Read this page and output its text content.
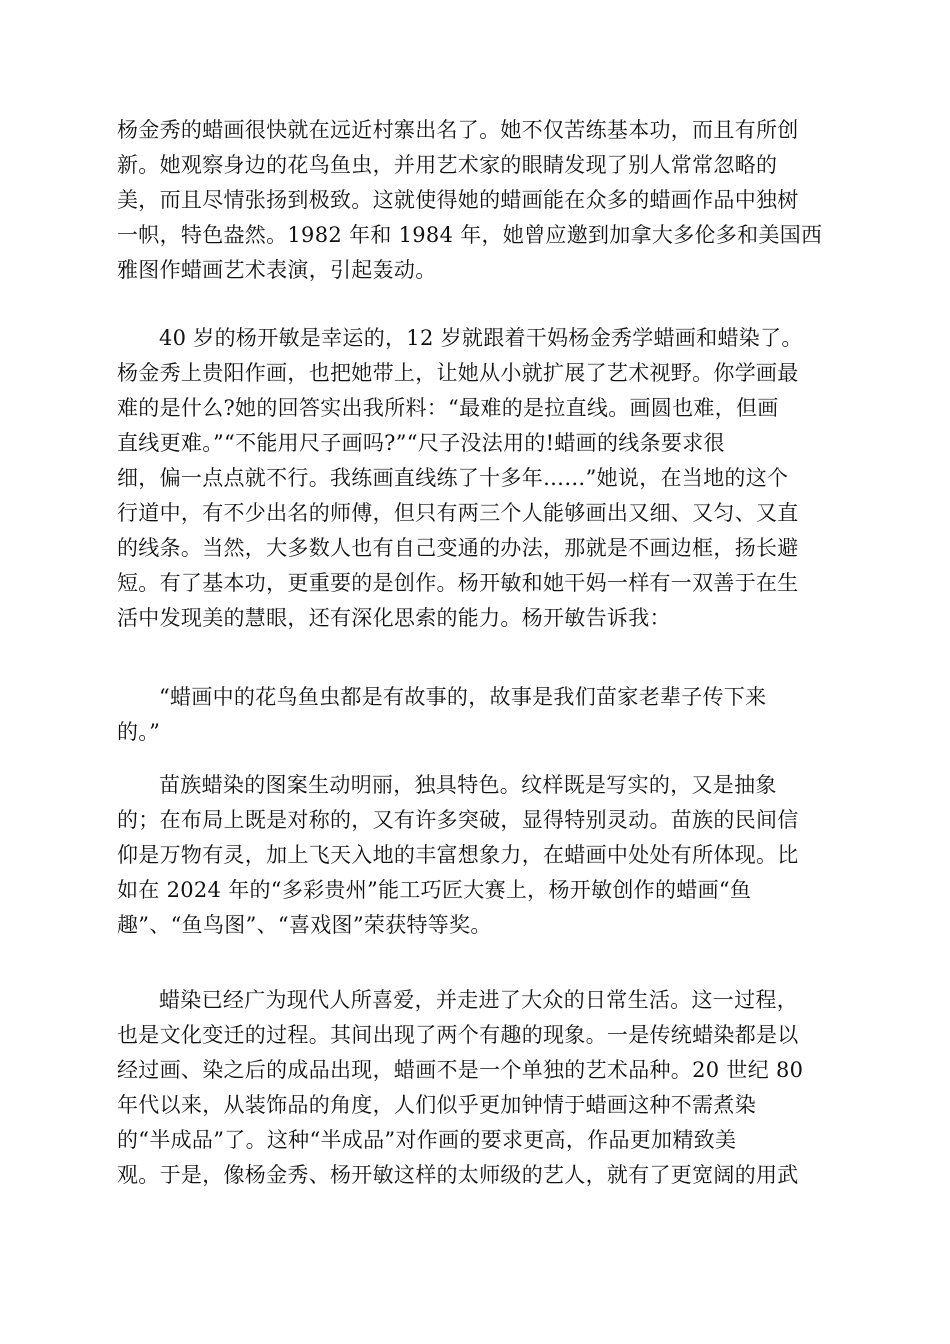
杨金秀的蜡画很快就在远近村寨出名了。她不仅苦练基本功，而且有所创
新。她观察身边的花鸟鱼虫，并用艺术家的眼睛发现了别人常常忽略的
美，而且尽情张扬到极致。这就使得她的蜡画能在众多的蜡画作品中独树
一帜，特色盎然。1982 年和 1984 年，她曾应邀到加拿大多伦多和美国西
雅图作蜡画艺术表演，引起轰动。
40 岁的杨开敏是幸运的，12 岁就跟着干妈杨金秀学蜡画和蜡染了。
杨金秀上贵阳作画，也把她带上，让她从小就扩展了艺术视野。你学画最
难的是什么?她的回答实出我所料：“最难的是拉直线。画圆也难，但画
直线更难。”“不能用尺子画吗?”“尺子没法用的!蜡画的线条要求很
细，偏一点点就不行。我练画直线练了十多年……”她说，在当地的这个
行道中，有不少出名的师傅，但只有两三个人能够画出又细、又匀、又直
的线条。当然，大多数人也有自己变通的办法，那就是不画边框，扬长避
短。有了基本功，更重要的是创作。杨开敏和她干妈一样有一双善于在生
活中发现美的慧眼，还有深化思索的能力。杨开敏告诉我：
“蜡画中的花鸟鱼虫都是有故事的，故事是我们苗家老辈子传下来
的。”
苗族蜡染的图案生动明丽，独具特色。纹样既是写实的，又是抽象
的；在布局上既是对称的，又有许多突破，显得特别灵动。苗族的民间信
仰是万物有灵，加上飞天入地的丰富想象力，在蜡画中处处有所体现。比
如在 2024 年的“多彩贵州”能工巧匠大赛上，杨开敏创作的蜡画“鱼
趣”、“鱼鸟图”、“喜戏图”荣获特等奖。
蜡染已经广为现代人所喜爱，并走进了大众的日常生活。这一过程，
也是文化变迁的过程。其间出现了两个有趣的现象。一是传统蜡染都是以
经过画、染之后的成品出现，蜡画不是一个单独的艺术品种。20 世纪 80
年代以来，从装饰品的角度，人们似乎更加钟情于蜡画这种不需煮染
的“半成品”了。这种“半成品”对作画的要求更高，作品更加精致美
观。于是，像杨金秀、杨开敏这样的太师级的艺人，就有了更宽阔的用武
